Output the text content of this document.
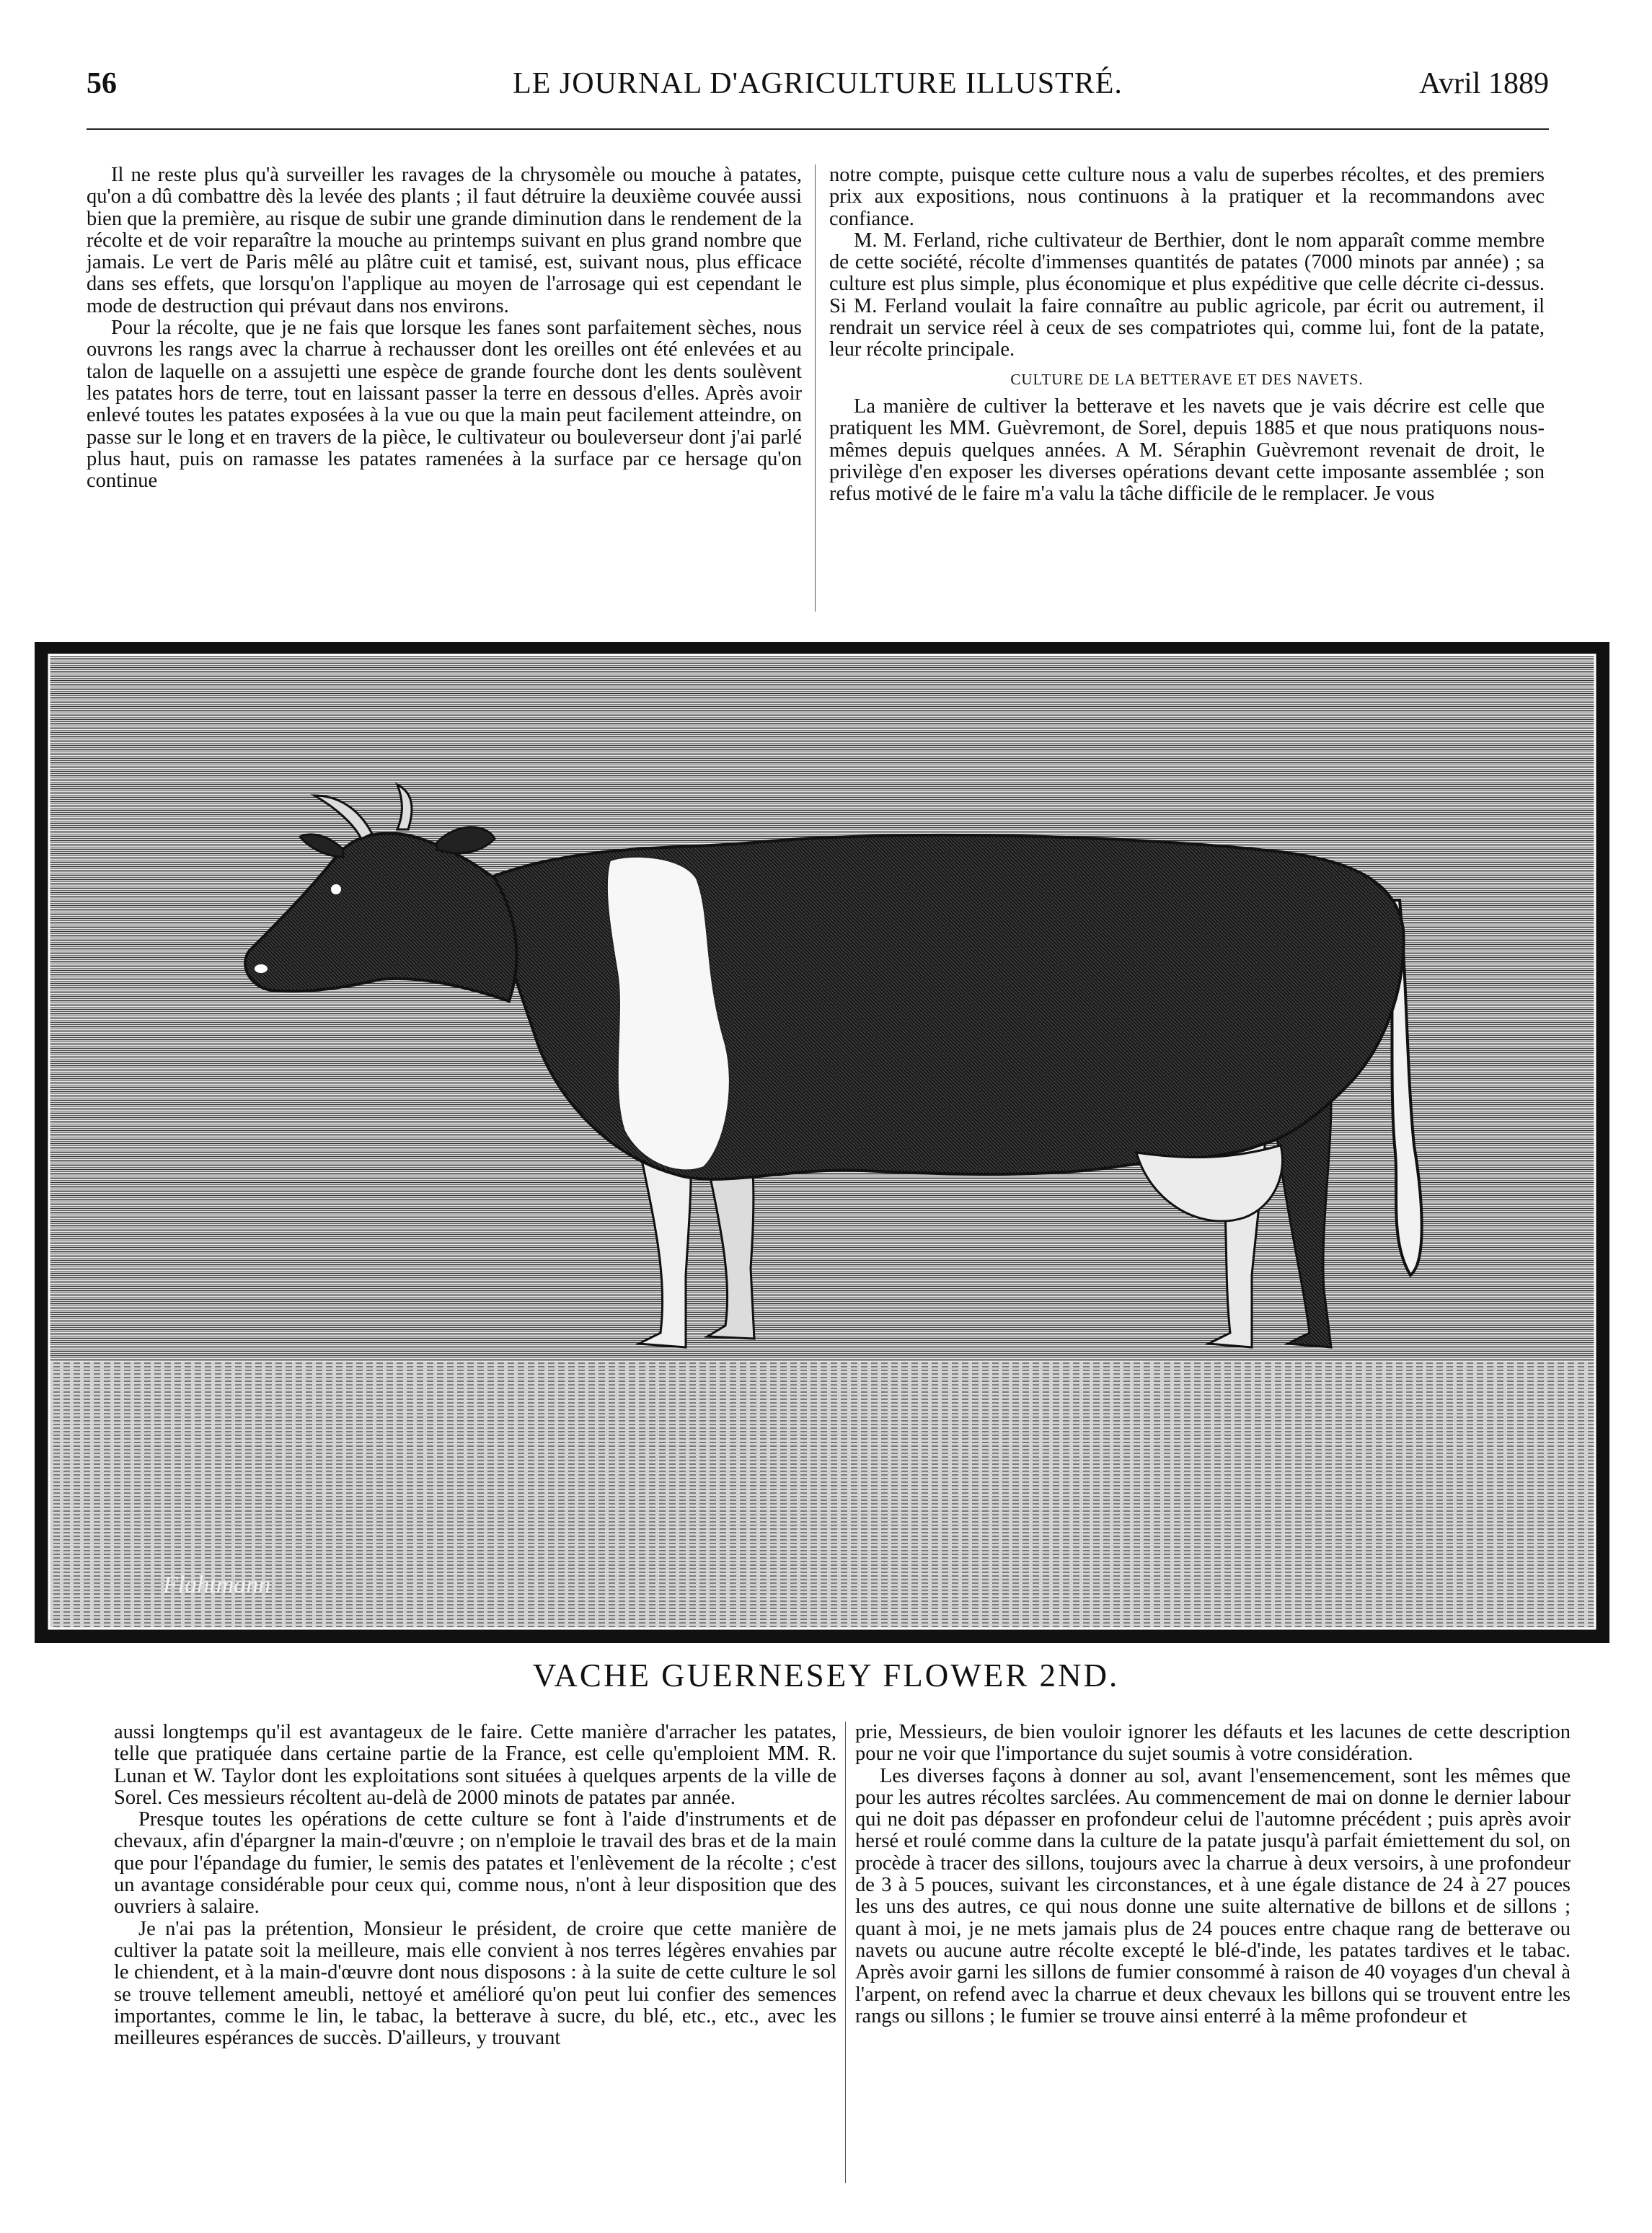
56	LE JOURNAL D'AGRICULTURE ILLUSTRÉ.	Avril 1889

Il ne reste plus qu'à surveiller les ravages de la chrysomèle ou mouche à patates, qu'on a dû combattre dès la levée des plants ; il faut détruire la deuxième couvée aussi bien que la première, au risque de subir une grande diminution dans le rendement de la récolte et de voir reparaître la mouche au printemps suivant en plus grand nombre que jamais. Le vert de Paris mêlé au plâtre cuit et tamisé, est, suivant nous, plus efficace dans ses effets, que lorsqu'on l'applique au moyen de l'arrosage qui est cependant le mode de destruction qui prévaut dans nos environs.

Pour la récolte, que je ne fais que lorsque les fanes sont parfaitement sèches, nous ouvrons les rangs avec la charrue à rechausser dont les oreilles ont été enlevées et au talon de laquelle on a assujetti une espèce de grande fourche dont les dents soulèvent les patates hors de terre, tout en laissant passer la terre en dessous d'elles. Après avoir enlevé toutes les patates exposées à la vue ou que la main peut facilement atteindre, on passe sur le long et en travers de la pièce, le cultivateur ou bouleverseur dont j'ai parlé plus haut, puis on ramasse les patates ramenées à la surface par ce hersage qu'on continue

notre compte, puisque cette culture nous a valu de superbes récoltes, et des premiers prix aux expositions, nous continuons à la pratiquer et la recommandons avec confiance.

M. M. Ferland, riche cultivateur de Berthier, dont le nom apparaît comme membre de cette société, récolte d'immenses quantités de patates (7000 minots par année) ; sa culture est plus simple, plus économique et plus expéditive que celle décrite ci-dessus. Si M. Ferland voulait la faire connaître au public agricole, par écrit ou autrement, il rendrait un service réel à ceux de ses compatriotes qui, comme lui, font de la patate, leur récolte principale.

CULTURE DE LA BETTERAVE ET DES NAVETS.

La manière de cultiver la betterave et les navets que je vais décrire est celle que pratiquent les MM. Guèvremont, de Sorel, depuis 1885 et que nous pratiquons nous-mêmes depuis quelques années. A M. Séraphin Guèvremont revenait de droit, le privilège d'en exposer les diverses opérations devant cette imposante assemblée ; son refus motivé de le faire m'a valu la tâche difficile de le remplacer. Je vous

Flahtmann
VACHE GUERNESEY FLOWER 2ND.

aussi longtemps qu'il est avantageux de le faire. Cette manière d'arracher les patates, telle que pratiquée dans certaine partie de la France, est celle qu'emploient MM. R. Lunan et W. Taylor dont les exploitations sont situées à quelques arpents de la ville de Sorel. Ces messieurs récoltent au-delà de 2000 minots de patates par année.

Presque toutes les opérations de cette culture se font à l'aide d'instruments et de chevaux, afin d'épargner la main-d'œuvre ; on n'emploie le travail des bras et de la main que pour l'épandage du fumier, le semis des patates et l'enlèvement de la récolte ; c'est un avantage considérable pour ceux qui, comme nous, n'ont à leur disposition que des ouvriers à salaire.

Je n'ai pas la prétention, Monsieur le président, de croire que cette manière de cultiver la patate soit la meilleure, mais elle convient à nos terres légères envahies par le chiendent, et à la main-d'œuvre dont nous disposons : à la suite de cette culture le sol se trouve tellement ameubli, nettoyé et amélioré qu'on peut lui confier des semences importantes, comme le lin, le tabac, la betterave à sucre, du blé, etc., etc., avec les meilleures espérances de succès. D'ailleurs, y trouvant

prie, Messieurs, de bien vouloir ignorer les défauts et les lacunes de cette description pour ne voir que l'importance du sujet soumis à votre considération.

Les diverses façons à donner au sol, avant l'ensemencement, sont les mêmes que pour les autres récoltes sarclées. Au commencement de mai on donne le dernier labour qui ne doit pas dépasser en profondeur celui de l'automne précédent ; puis après avoir hersé et roulé comme dans la culture de la patate jusqu'à parfait émiettement du sol, on procède à tracer des sillons, toujours avec la charrue à deux versoirs, à une profondeur de 3 à 5 pouces, suivant les circonstances, et à une égale distance de 24 à 27 pouces les uns des autres, ce qui nous donne une suite alternative de billons et de sillons ; quant à moi, je ne mets jamais plus de 24 pouces entre chaque rang de betterave ou navets ou aucune autre récolte excepté le blé-d'inde, les patates tardives et le tabac. Après avoir garni les sillons de fumier consommé à raison de 40 voyages d'un cheval à l'arpent, on refend avec la charrue et deux chevaux les billons qui se trouvent entre les rangs ou sillons ; le fumier se trouve ainsi enterré à la même profondeur et
